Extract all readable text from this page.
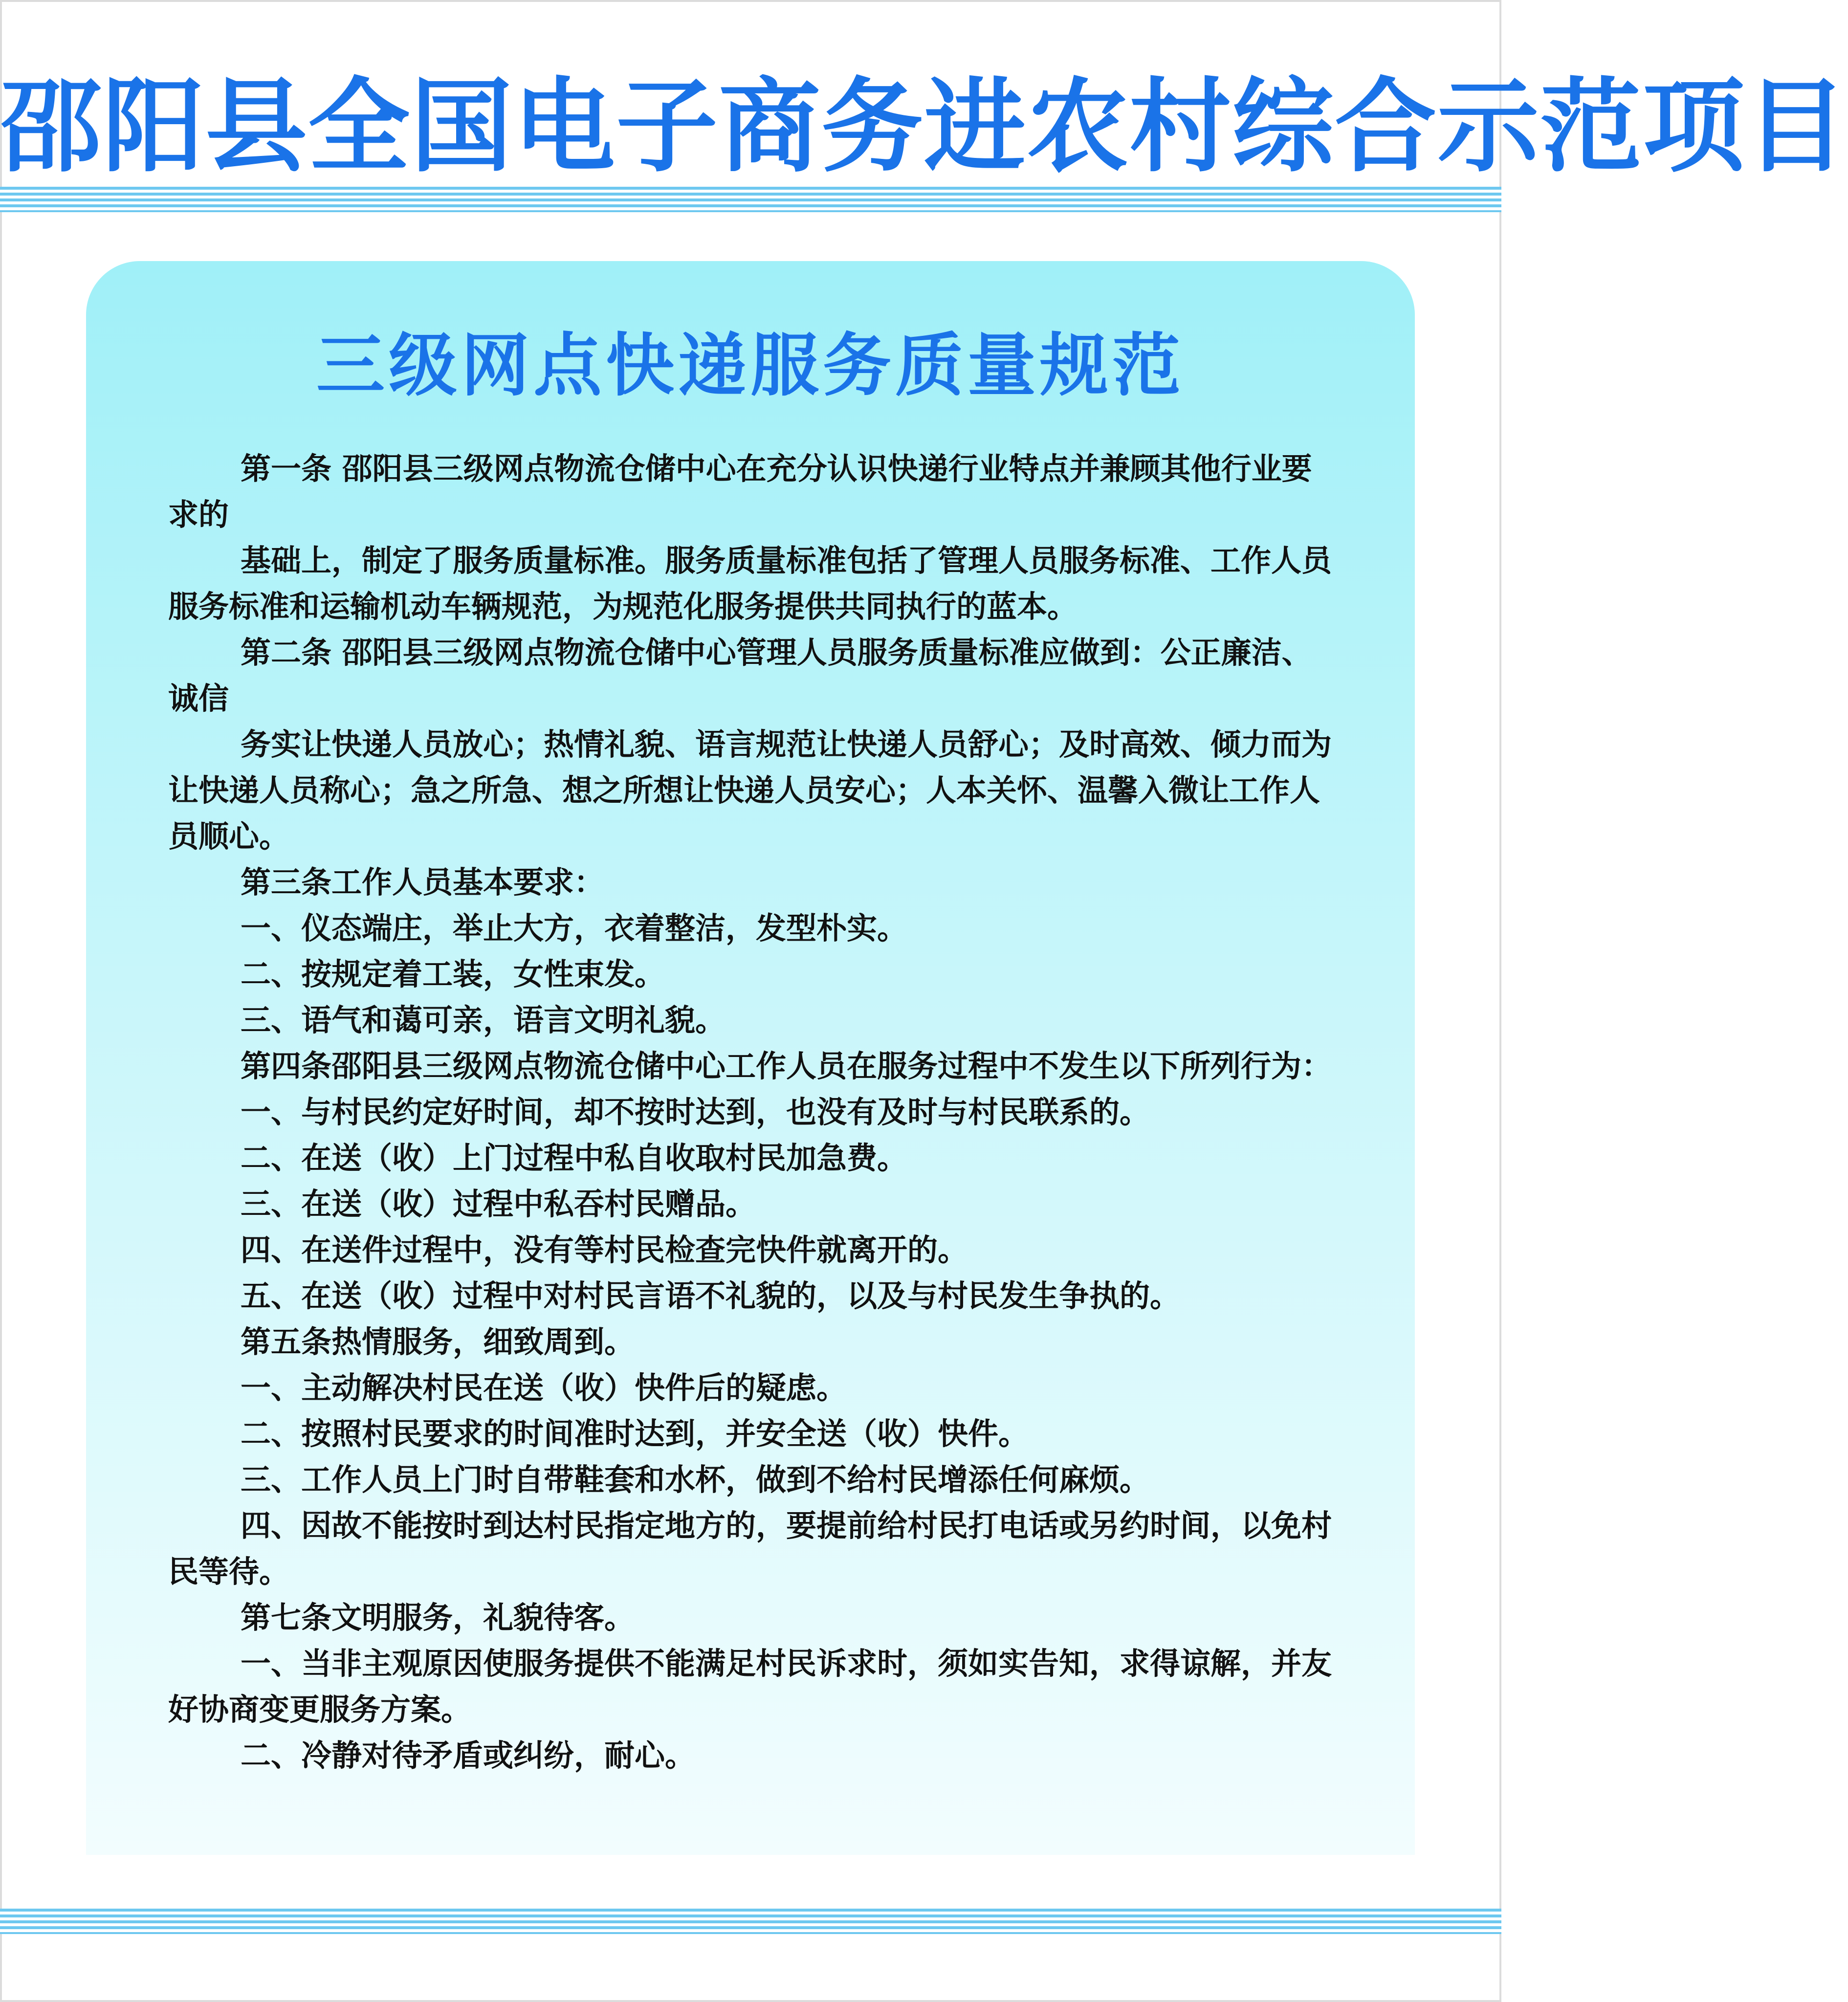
邵阳县全国电子商务进农村综合示范项目
三级网点快递服务质量规范

第一条 邵阳县三级网点物流仓储中心在充分认识快递行业特点并兼顾其他行业要求的

基础上，制定了服务质量标准。服务质量标准包括了管理人员服务标准、工作人员服务标准和运输机动车辆规范，为规范化服务提供共同执行的蓝本。

第二条 邵阳县三级网点物流仓储中心管理人员服务质量标准应做到：公正廉洁、诚信

务实让快递人员放心；热情礼貌、语言规范让快递人员舒心；及时高效、倾力而为让快递人员称心；急之所急、想之所想让快递人员安心；人本关怀、温馨入微让工作人员顺心。

第三条工作人员基本要求：

一、仪态端庄，举止大方，衣着整洁，发型朴实。

二、按规定着工装，女性束发。

三、语气和蔼可亲，语言文明礼貌。

第四条邵阳县三级网点物流仓储中心工作人员在服务过程中不发生以下所列行为：

一、与村民约定好时间，却不按时达到，也没有及时与村民联系的。

二、在送（收）上门过程中私自收取村民加急费。

三、在送（收）过程中私吞村民赠品。

四、在送件过程中，没有等村民检查完快件就离开的。

五、在送（收）过程中对村民言语不礼貌的，以及与村民发生争执的。

第五条热情服务，细致周到。

一、主动解决村民在送（收）快件后的疑虑。

二、按照村民要求的时间准时达到，并安全送（收）快件。

三、工作人员上门时自带鞋套和水杯，做到不给村民增添任何麻烦。

四、因故不能按时到达村民指定地方的，要提前给村民打电话或另约时间，以免村民等待。

第七条文明服务，礼貌待客。

一、当非主观原因使服务提供不能满足村民诉求时，须如实告知，求得谅解，并友好协商变更服务方案。

二、冷静对待矛盾或纠纷，耐心。
